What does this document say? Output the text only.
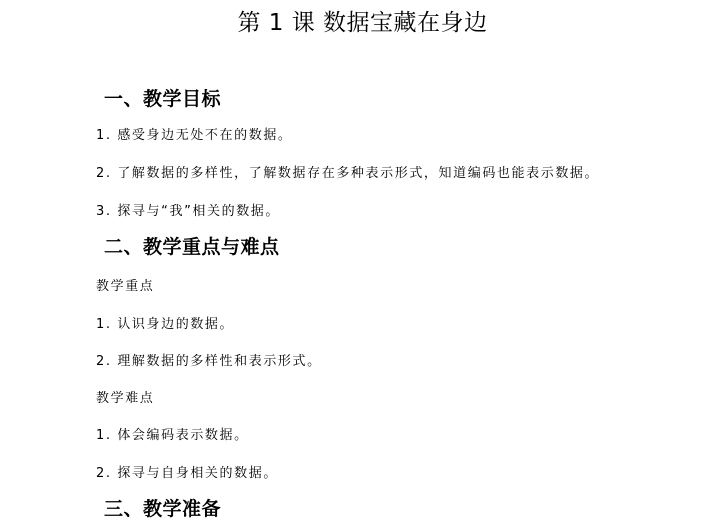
第 1 课 数据宝藏在身边
一、教学目标
1. 感受身边无处不在的数据。
2. 了解数据的多样性，了解数据存在多种表示形式，知道编码也能表示数据。
3. 探寻与“我”相关的数据。
二、教学重点与难点
教学重点
1. 认识身边的数据。
2. 理解数据的多样性和表示形式。
教学难点
1. 体会编码表示数据。
2. 探寻与自身相关的数据。
三、教学准备
